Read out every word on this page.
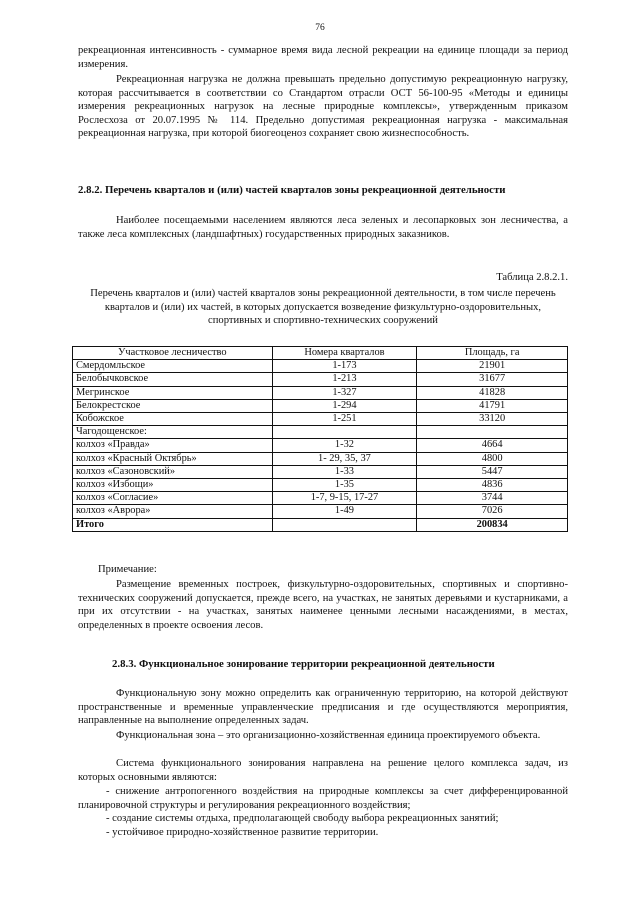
76
рекреационная интенсивность - суммарное время вида лесной рекреации на единице площади за период измерения.
Рекреационная нагрузка не должна превышать предельно допустимую рекреационную нагрузку, которая рассчитывается в соответствии со Стандартом отрасли ОСТ 56-100-95 «Методы и единицы измерения рекреационных нагрузок на лесные природные комплексы», утвержденным приказом Рослесхоза от 20.07.1995 № 114. Предельно допустимая рекреационная нагрузка - максимальная рекреационная нагрузка, при которой биогеоценоз сохраняет свою жизнеспособность.
2.8.2. Перечень кварталов и (или) частей кварталов зоны рекреационной деятельности
Наиболее посещаемыми населением являются леса зеленых и лесопарковых зон лесничества, а также леса комплексных (ландшафтных) государственных природных заказников.
Таблица 2.8.2.1.
Перечень кварталов и (или) частей кварталов зоны рекреационной деятельности, в том числе перечень кварталов и (или) их частей, в которых допускается возведение физкультурно-оздоровительных, спортивных и спортивно-технических сооружений
Участковое лесничество	Номера кварталов	Площадь, га
Смердомльское	1-173	21901
Белобычковское	1-213	31677
Мегринское	1-327	41828
Белокрестское	1-294	41791
Кобожское	1-251	33120
Чагодощенское:		
колхоз «Правда»	1-32	4664
колхоз «Красный Октябрь»	1- 29, 35, 37	4800
колхоз «Сазоновский»	1-33	5447
колхоз «Избощи»	1-35	4836
колхоз «Согласие»	1-7, 9-15, 17-27	3744
колхоз «Аврора»	1-49	7026
Итого		200834
Примечание:
Размещение временных построек, физкультурно-оздоровительных, спортивных и спортивно-технических сооружений допускается, прежде всего, на участках, не занятых деревьями и кустарниками, а при их отсутствии - на участках, занятых наименее ценными лесными насаждениями, в местах, определенных в проекте освоения лесов.
2.8.3. Функциональное зонирование территории рекреационной деятельности
Функциональную зону можно определить как ограниченную территорию, на которой действуют пространственные и временные управленческие предписания и где осуществляются мероприятия, направленные на выполнение определенных задач.
Функциональная зона – это организационно-хозяйственная единица проектируемого объекта.
Система функционального зонирования направлена на решение целого комплекса задач, из которых основными являются:
- снижение антропогенного воздействия на природные комплексы за счет дифференцированной планировочной структуры и регулирования рекреационного воздействия;
- создание системы отдыха, предполагающей свободу выбора рекреационных занятий;
- устойчивое природно-хозяйственное развитие территории.
